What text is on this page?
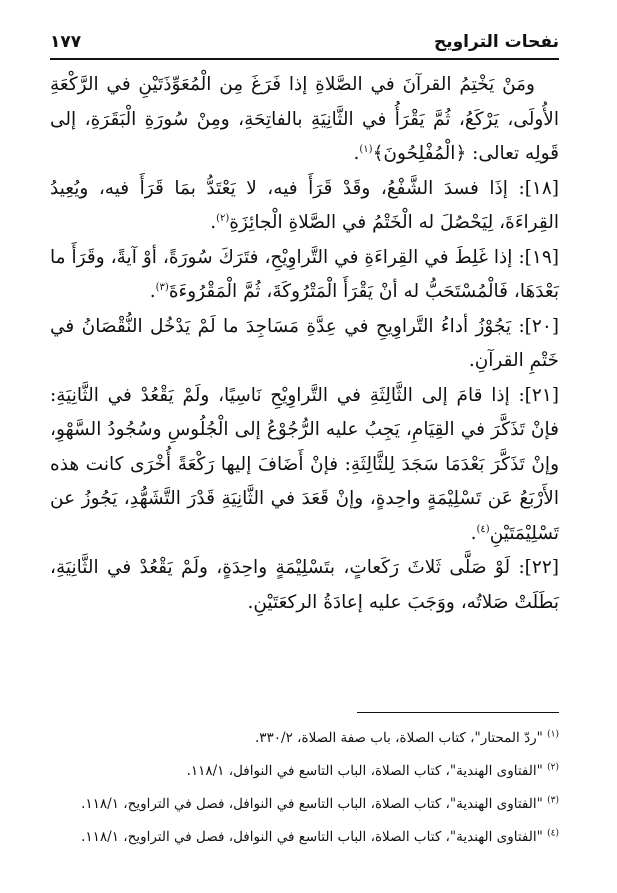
نفحات التراويح
١٧٧

ومَنْ يَخْتِمُ القرآنَ في الصَّلاةِ إذا فَرَغَ مِن الْمُعَوِّذَتَيْنِ في الرَّكْعَةِ الأُولَى، يَرْكَعُ، ثُمَّ يَقْرَأُ في الثَّانِيَةِ بالفاتِحَةِ، ومِنْ سُورَةِ الْبَقَرَةِ، إلى قَولِه تعالى: ﴿الْمُفْلِحُونَ﴾$^{(١)}$.

[١٨]: إذَا فسدَ الشَّفْعُ، وقَدْ قَرَأَ فيه، لا يَعْتَدُّ بمَا قَرَأَ فيه، ويُعِيدُ القِراءَةَ، لِيَحْصُلَ له الْخَتْمُ في الصَّلاةِ الْجائِزَةِ$^{(٢)}$.

[١٩]: إذا غَلِطَ في القِراءَةِ في التَّراوِيْحِ، فتَرَكَ سُورَةً، أوْ آيةً، وقَرَأَ ما بَعْدَهَا، فَالْمُسْتَحَبُّ له أنْ يَقْرَأَ الْمَتْرُوكَةَ، ثُمَّ الْمَقْرُوءَةَ$^{(٣)}$.

[٢٠]: يَجُوْزُ أداءُ التَّراوِيحِ في عِدَّةِ مَسَاجِدَ ما لَمْ يَدْخُل النُّقْصَانُ في خَتْمِ القرآنِ.

[٢١]: إذا قامَ إلى الثَّالِثَةِ في التَّراوِيْحِ نَاسِيًا، ولَمْ يَقْعُدْ في الثَّانِيَةِ: فإنْ تَذَكَّرَ في القِيَامِ، يَجِبُ عليه الرُّجُوْعُ إلى الْجُلُوسِ وسُجُودُ السَّهْوِ، وإنْ تَذَكَّرَ بَعْدَمَا سَجَدَ لِلثَّالِثَةِ: فإنْ أَضَافَ إليها رَكْعَةً أُخْرَى كانت هذه الأَرْبَعُ عَن تَسْلِيْمَةٍ واحِدةٍ، وإنْ قَعَدَ في الثَّانِيَةِ قَدْرَ التَّشَهُّدِ، يَجُوزُ عن تَسْلِيْمَتَيْنِ$^{(٤)}$.

[٢٢]: لَوْ صَلَّى ثَلاثَ رَكَعاتٍ، بتَسْلِيْمَةٍ واحِدَةٍ، ولَمْ يَقْعُدْ في الثَّانِيَةِ، بَطَلَتْ صَلاتُه، ووَجَبَ عليه إعادَةُ الركعَتَيْنِ.

$^{(١)}$ "ردّ المحتار"، كتاب الصلاة، باب صفة الصلاة، ٣٣٠/٢.

$^{(٢)}$ "الفتاوى الهندية"، كتاب الصلاة، الباب التاسع في النوافل، ١١٨/١.

$^{(٣)}$ "الفتاوى الهندية"، كتاب الصلاة، الباب التاسع في النوافل، فصل في التراويح، ١١٨/١.

$^{(٤)}$ "الفتاوى الهندية"، كتاب الصلاة، الباب التاسع في النوافل، فصل في التراويح، ١١٨/١.
